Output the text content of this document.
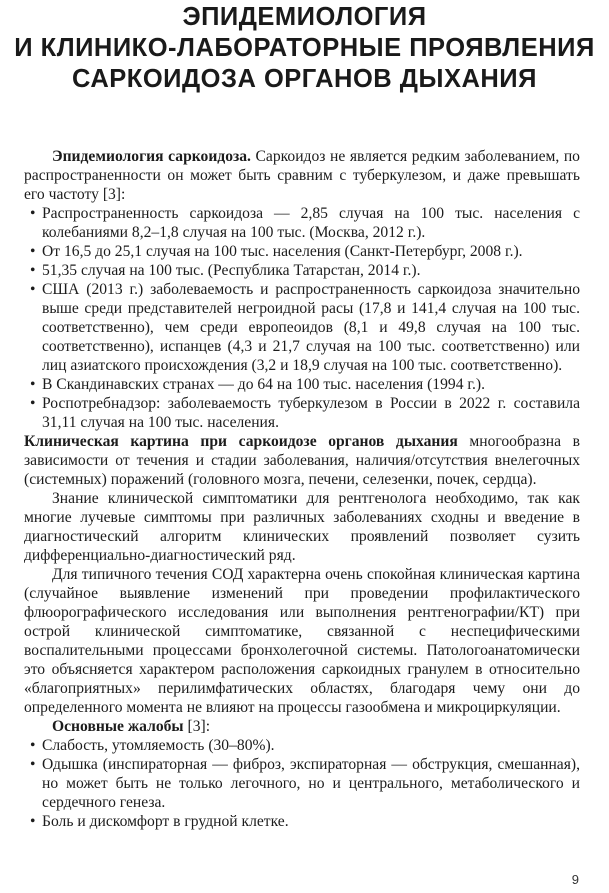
ЭПИДЕМИОЛОГИЯ
И КЛИНИКО-ЛАБОРАТОРНЫЕ ПРОЯВЛЕНИЯ
САРКОИДОЗА ОРГАНОВ ДЫХАНИЯ

Эпидемиология саркоидоза. Саркоидоз не является редким заболеванием, по распространенности он может быть сравним с туберкулезом, и даже превышать его частоту [3]:

• Распространенность саркоидоза — 2,85 случая на 100 тыс. населения с колебаниями 8,2–1,8 случая на 100 тыс. (Москва, 2012 г.).
• От 16,5 до 25,1 случая на 100 тыс. населения (Санкт-Петербург, 2008 г.).
• 51,35 случая на 100 тыс. (Республика Татарстан, 2014 г.).
• США (2013 г.) заболеваемость и распространенность саркоидоза значительно выше среди представителей негроидной расы (17,8 и 141,4 случая на 100 тыс. соответственно), чем среди европеоидов (8,1 и 49,8 случая на 100 тыс. соответственно), испанцев (4,3 и 21,7 случая на 100 тыс. соответственно) или лиц азиатского происхождения (3,2 и 18,9 случая на 100 тыс. соответственно).
• В Скандинавских странах — до 64 на 100 тыс. населения (1994 г.).
• Роспотребнадзор: заболеваемость туберкулезом в России в 2022 г. составила 31,11 случая на 100 тыс. населения.

Клиническая картина при саркоидозе органов дыхания многообразна в зависимости от течения и стадии заболевания, наличия/отсутствия внелегочных (системных) поражений (головного мозга, печени, селезенки, почек, сердца).

Знание клинической симптоматики для рентгенолога необходимо, так как многие лучевые симптомы при различных заболеваниях сходны и введение в диагностический алгоритм клинических проявлений позволяет сузить дифференциально-диагностический ряд.

Для типичного течения СОД характерна очень спокойная клиническая картина (случайное выявление изменений при проведении профилактического флюорографического исследования или выполнения рентгенографии/КТ) при острой клинической симптоматике, связанной с неспецифическими воспалительными процессами бронхолегочной системы. Патологоанатомически это объясняется характером расположения саркоидных гранулем в относительно «благоприятных» перилимфатических областях, благодаря чему они до определенного момента не влияют на процессы газообмена и микроциркуляции.

Основные жалобы [3]:

• Слабость, утомляемость (30–80%).
• Одышка (инспираторная — фиброз, экспираторная — обструкция, смешанная), но может быть не только легочного, но и центрального, метаболического и сердечного генеза.
• Боль и дискомфорт в грудной клетке.
9
